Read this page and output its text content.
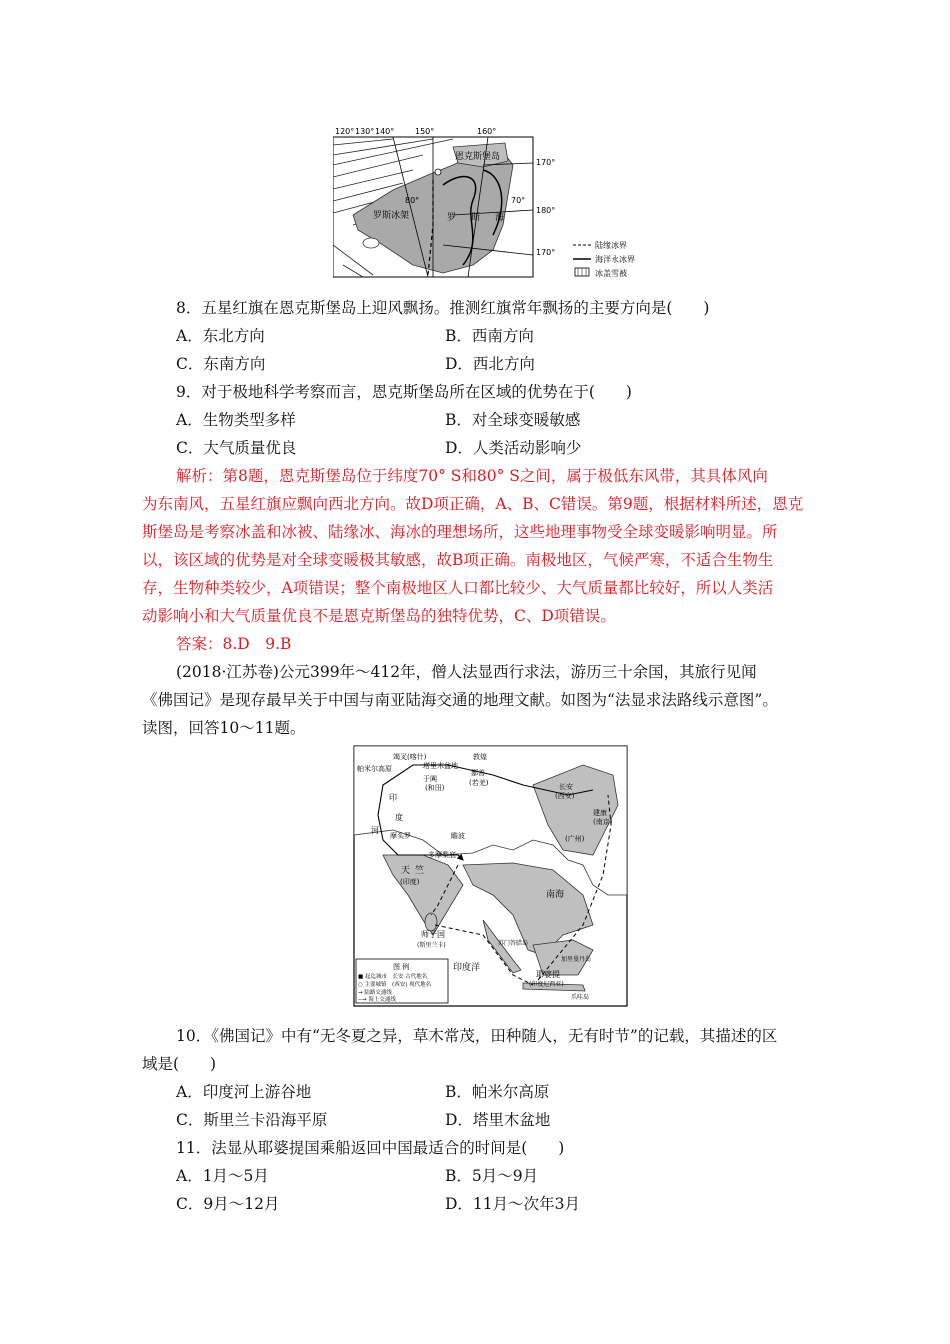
120° 130° 140°	150°	160°
170°
180°
170°
80°	70°
恩克斯堡岛
罗斯冰架	罗 斯 海
陆缘冰界
海洋永冰界
冰盖雪被
8．五星红旗在恩克斯堡岛上迎风飘扬。推测红旗常年飘扬的主要方向是(　　)
A．东北方向	B．西南方向
C．东南方向	D．西北方向
9．对于极地科学考察而言，恩克斯堡岛所在区域的优势在于(　　)
A．生物类型多样	B．对全球变暖敏感
C．大气质量优良	D．人类活动影响少
解析：第8题，恩克斯堡岛位于纬度70° S和80° S之间，属于极低东风带，其具体风向
为东南风，五星红旗应飘向西北方向。故D项正确，A、B、C错误。第9题，根据材料所述，恩克
斯堡岛是考察冰盖和冰被、陆缘冰、海冰的理想场所，这些地理事物受全球变暖影响明显。所
以，该区域的优势是对全球变暖极其敏感，故B项正确。南极地区，气候严寒，不适合生物生
存，生物种类较少，A项错误；整个南极地区人口都比较少、大气质量都比较好，所以人类活
动影响小和大气质量优良不是恩克斯堡岛的独特优势，C、D项错误。
答案：8.D　9.B
(2018·江苏卷)公元399年～412年，僧人法显西行求法，游历三十余国，其旅行见闻
《佛国记》是现存最早关于中国与南亚陆海交通的地理文献。如图为“法显求法路线示意图”。
读图，回答10～11题。
竭叉(喀什)
帕米尔高原	塔里木盆地
于阗
(和田)
敦煌
鄯善
(若羌)
印
度
河
摩头罗	瞻波
多摩梨底
长安
(西安)
建康
(南京)
(广州)
天 竺
(印度)
南海
师子国
(斯里兰卡)	苏门答腊岛
加里曼丹岛
耶婆提
(印度尼西亚)
爪哇岛
印度洋
图 例
■ 起迄城市　长安 古代地名
○ 主要城镇　(西安) 现代地名
→ 陆路交通线
--→ 海上交通线
10．《佛国记》中有“无冬夏之异，草木常茂，田种随人，无有时节”的记载，其描述的区
域是(　　)
A．印度河上游谷地	B．帕米尔高原
C．斯里兰卡沿海平原	D．塔里木盆地
11．法显从耶婆提国乘船返回中国最适合的时间是(　　)
A．1月～5月	B．5月～9月
C．9月～12月	D．11月～次年3月
